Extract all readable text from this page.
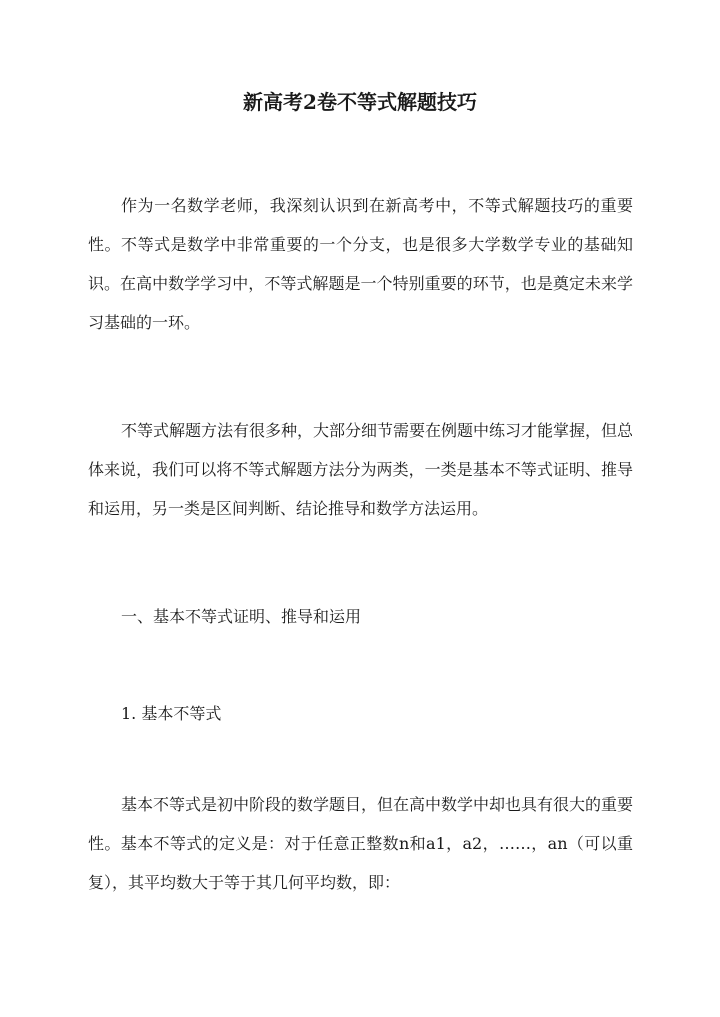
新高考2卷不等式解题技巧

作为一名数学老师，我深刻认识到在新高考中，不等式解题技巧的重要性。不等式是数学中非常重要的一个分支，也是很多大学数学专业的基础知识。在高中数学学习中，不等式解题是一个特别重要的环节，也是奠定未来学习基础的一环。

不等式解题方法有很多种，大部分细节需要在例题中练习才能掌握，但总体来说，我们可以将不等式解题方法分为两类，一类是基本不等式证明、推导和运用，另一类是区间判断、结论推导和数学方法运用。

一、基本不等式证明、推导和运用

1. 基本不等式

基本不等式是初中阶段的数学题目，但在高中数学中却也具有很大的重要性。基本不等式的定义是：对于任意正整数n和a1，a2，……，an（可以重复），其平均数大于等于其几何平均数，即：
